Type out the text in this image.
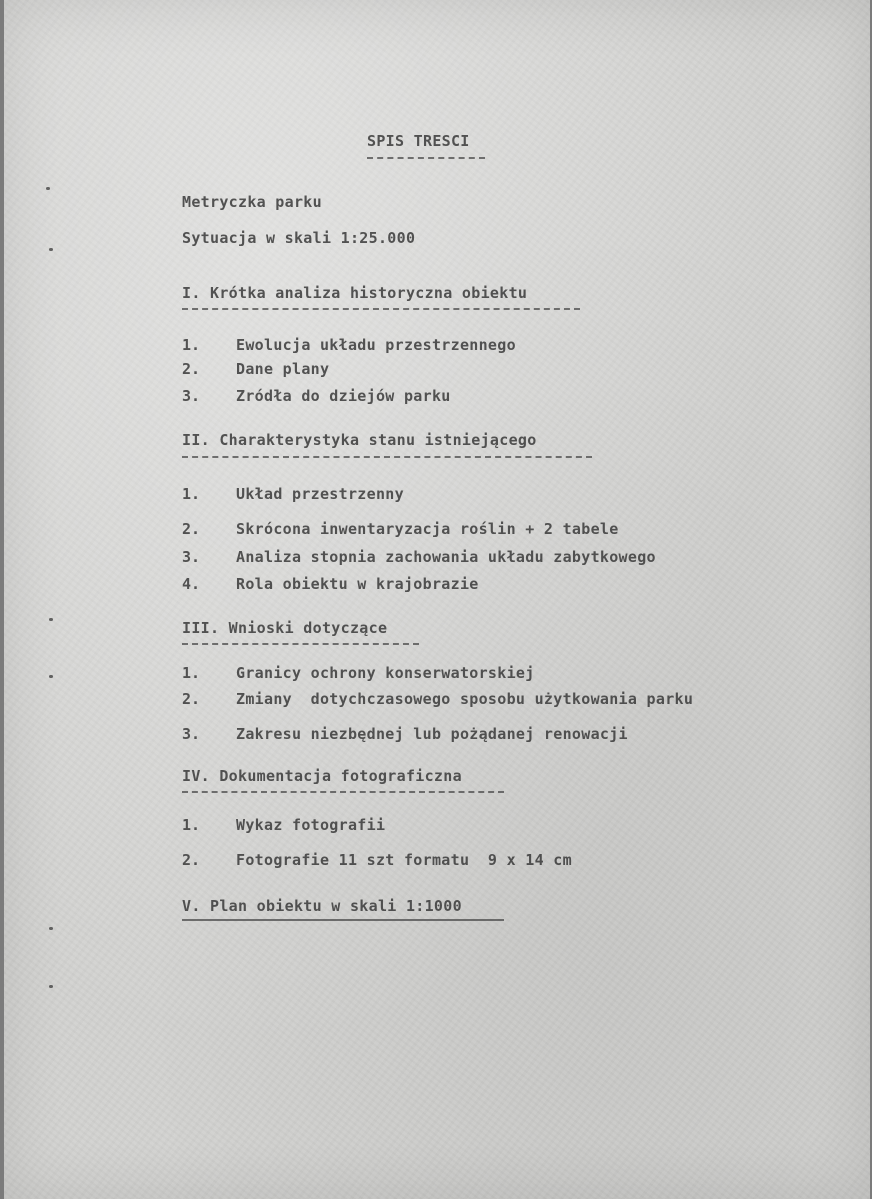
SPIS TRESCI
Metryczka parku
Sytuacja w skali 1:25.000
I. Krótka analiza historyczna obiektu
1. Ewolucja układu przestrzennego
2. Dane plany
3. Zródła do dziejów parku
II. Charakterystyka stanu istniejącego
1. Układ przestrzenny
2. Skrócona inwentaryzacja roślin + 2 tabele
3. Analiza stopnia zachowania układu zabytkowego
4. Rola obiektu w krajobrazie
III. Wnioski dotyczące
1. Granicy ochrony konserwatorskiej
2. Zmiany  dotychczasowego sposobu użytkowania parku
3. Zakresu niezbędnej lub pożądanej renowacji
IV. Dokumentacja fotograficzna
1. Wykaz fotografii
2. Fotografie 11 szt formatu  9 x 14 cm
V. Plan obiektu w skali 1:1000
